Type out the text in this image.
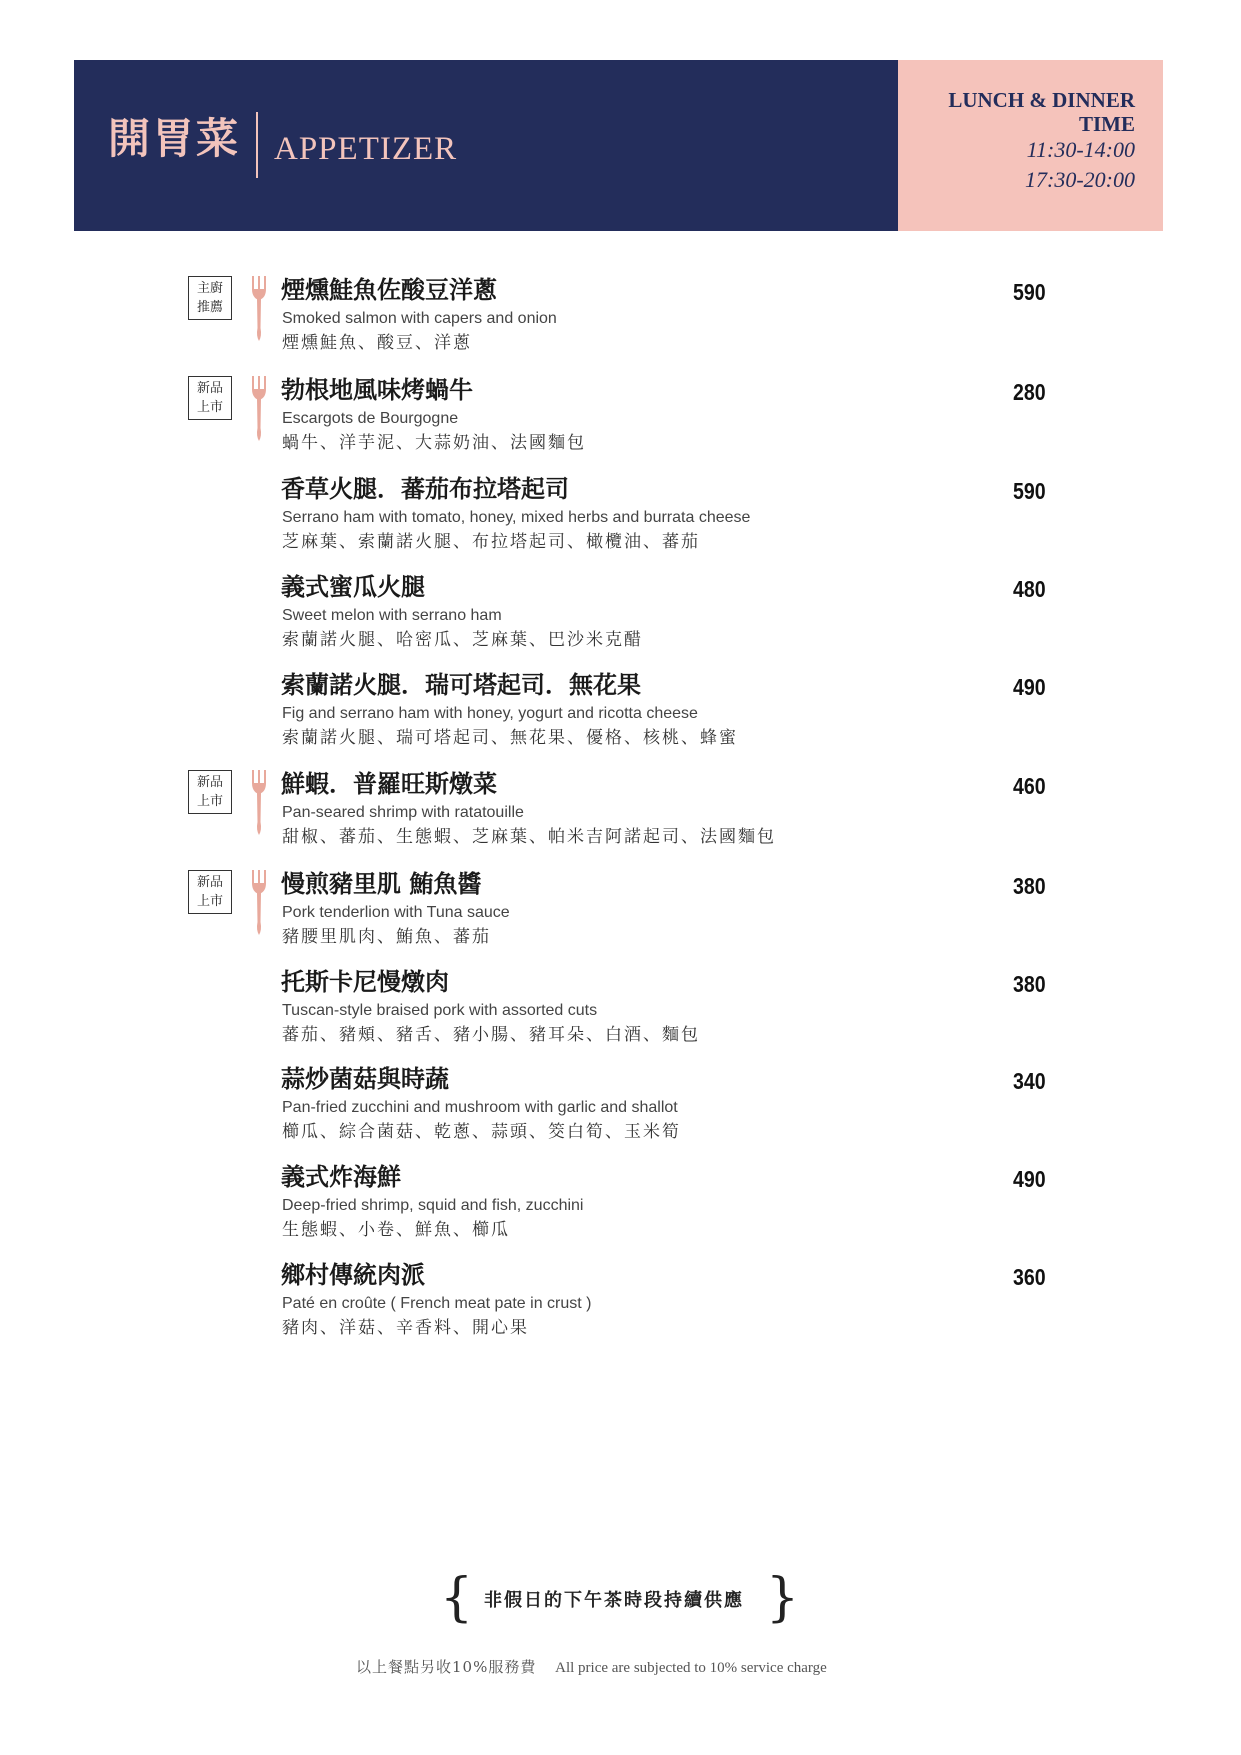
開胃菜 APPETIZER
LUNCH & DINNER
TIME
11:30-14:00
17:30-20:00
主廚
推薦
煙燻鮭魚佐酸豆洋蔥
Smoked salmon with capers and onion
煙燻鮭魚、酸豆、洋蔥
590
新品
上市
勃根地風味烤蝸牛
Escargots de Bourgogne
蝸牛、洋芋泥、大蒜奶油、法國麵包
280
香草火腿．蕃茄布拉塔起司
Serrano ham with tomato, honey, mixed herbs and burrata cheese
芝麻葉、索蘭諾火腿、布拉塔起司、橄欖油、蕃茄
590
義式蜜瓜火腿
Sweet melon with serrano ham
索蘭諾火腿、哈密瓜、芝麻葉、巴沙米克醋
480
索蘭諾火腿．瑞可塔起司．無花果
Fig and serrano ham with honey, yogurt and ricotta cheese
索蘭諾火腿、瑞可塔起司、無花果、優格、核桃、蜂蜜
490
新品
上市
鮮蝦．普羅旺斯燉菜
Pan-seared shrimp with ratatouille
甜椒、蕃茄、生態蝦、芝麻葉、帕米吉阿諾起司、法國麵包
460
新品
上市
慢煎豬里肌 鮪魚醬
Pork tenderlion with Tuna sauce
豬腰里肌肉、鮪魚、蕃茄
380
托斯卡尼慢燉肉
Tuscan-style braised pork with assorted cuts
蕃茄、豬頰、豬舌、豬小腸、豬耳朵、白酒、麵包
380
蒜炒菌菇與時蔬
Pan-fried zucchini and mushroom with garlic and shallot
櫛瓜、綜合菌菇、乾蔥、蒜頭、筊白筍、玉米筍
340
義式炸海鮮
Deep-fried shrimp, squid and fish, zucchini
生態蝦、小卷、鮮魚、櫛瓜
490
鄉村傳統肉派
Paté en croûte ( French meat pate in crust )
豬肉、洋菇、辛香料、開心果
360
{ 非假日的下午茶時段持續供應 }
以上餐點另收10%服務費 All price are subjected to 10% service charge
